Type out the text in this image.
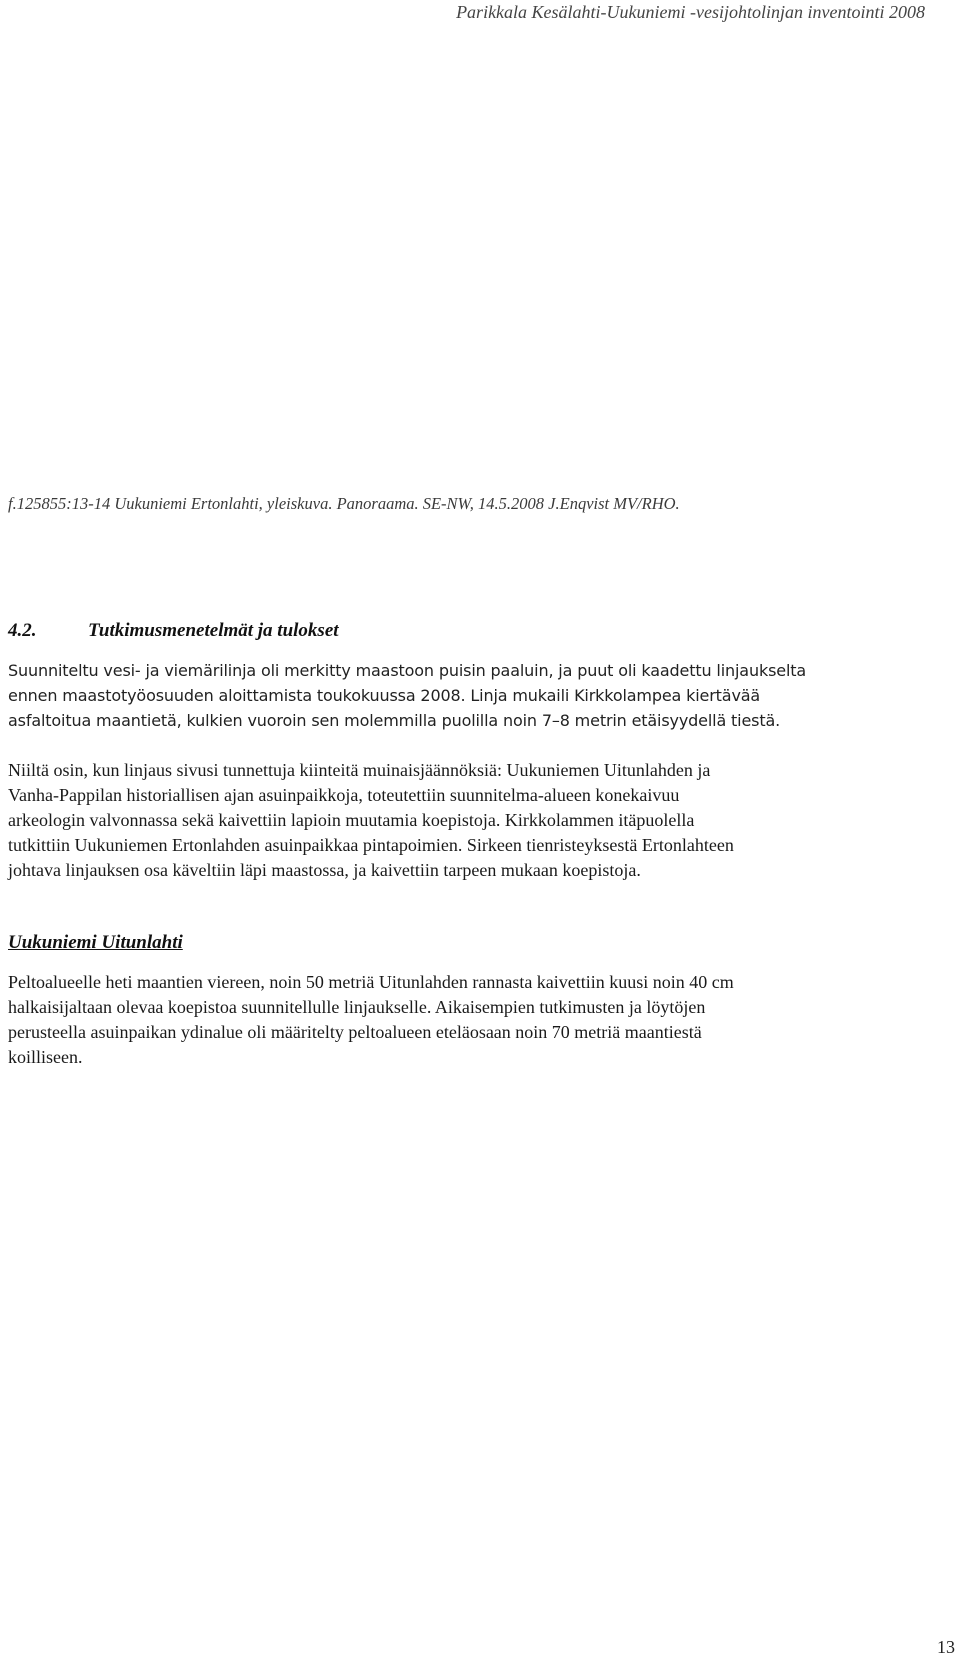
Parikkala Kesälahti-Uukuniemi -vesijohtolinjan inventointi 2008
f.125855:13-14 Uukuniemi Ertonlahti, yleiskuva. Panoraama. SE-NW, 14.5.2008 J.Enqvist MV/RHO.
4.2.	Tutkimusmenetelmät ja tulokset

Suunniteltu vesi- ja viemärilinja oli merkitty maastoon puisin paaluin, ja puut oli kaadettu linjaukselta
ennen maastotyöosuuden aloittamista toukokuussa 2008. Linja mukaili Kirkkolampea kiertävää
asfaltoitua maantietä, kulkien vuoroin sen molemmilla puolilla noin 7–8 metrin etäisyydellä tiestä.

Niiltä osin, kun linjaus sivusi tunnettuja kiinteitä muinaisjäännöksiä: Uukuniemen Uitunlahden ja
Vanha-Pappilan historiallisen ajan asuinpaikkoja, toteutettiin suunnitelma-alueen konekaivuu
arkeologin valvonnassa sekä kaivettiin lapioin muutamia koepistoja. Kirkkolammen itäpuolella
tutkittiin Uukuniemen Ertonlahden asuinpaikkaa pintapoimien. Sirkeen tienristeyksestä Ertonlahteen
johtava linjauksen osa käveltiin läpi maastossa, ja kaivettiin tarpeen mukaan koepistoja.

Uukuniemi Uitunlahti

Peltoalueelle heti maantien viereen, noin 50 metriä Uitunlahden rannasta kaivettiin kuusi noin 40 cm
halkaisijaltaan olevaa koepistoa suunnitellulle linjaukselle. Aikaisempien tutkimusten ja löytöjen
perusteella asuinpaikan ydinalue oli määritelty peltoalueen eteläosaan noin 70 metriä maantiestä
koilliseen.

13
